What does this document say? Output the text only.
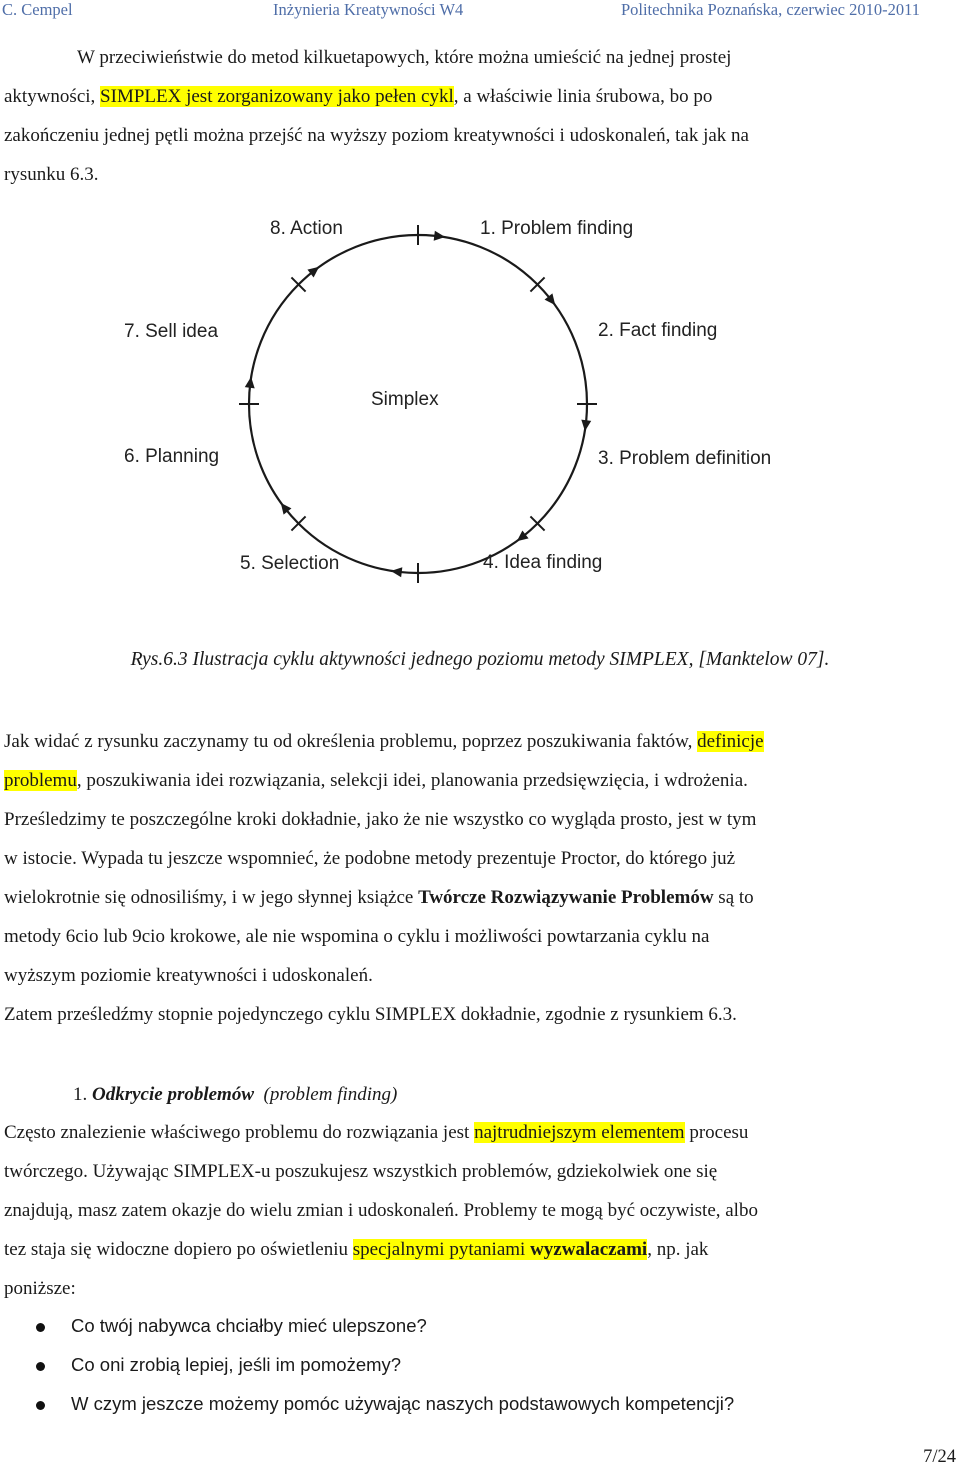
C. Cempel	Inżynieria Kreatywności W4	Politechnika Poznańska, czerwiec 2010-2011

W przeciwieństwie do metod kilkuetapowych, które można umieścić na jednej prostej
aktywności, SIMPLEX jest zorganizowany jako pełen cykl, a właściwie linia śrubowa, bo po
zakończeniu jednej pętli można przejść na wyższy poziom kreatywności i udoskonaleń, tak jak na
rysunku 6.3.

Simplex
1. Problem finding
2. Fact finding
3. Problem definition
4. Idea finding
5. Selection
6. Planning
7. Sell idea
8. Action
Rys.6.3 Ilustracja cyklu aktywności jednego poziomu metody SIMPLEX, [Manktelow 07].

Jak widać z rysunku zaczynamy tu od określenia problemu, poprzez poszukiwania faktów, definicje
problemu, poszukiwania idei rozwiązania, selekcji idei, planowania przedsięwzięcia, i wdrożenia.
Prześledzimy te poszczególne kroki dokładnie, jako że nie wszystko co wygląda prosto, jest w tym
w istocie. Wypada tu jeszcze wspomnieć, że podobne metody prezentuje Proctor, do którego już
wielokrotnie się odnosiliśmy, i w jego słynnej książce Twórcze Rozwiązywanie Problemów są to
metody 6cio lub 9cio krokowe, ale nie wspomina o cyklu i możliwości powtarzania cyklu na
wyższym poziomie kreatywności i udoskonaleń.

Zatem prześledźmy stopnie pojedynczego cyklu SIMPLEX dokładnie, zgodnie z rysunkiem 6.3.

1. Odkrycie problemów (problem finding)

Często znalezienie właściwego problemu do rozwiązania jest najtrudniejszym elementem procesu
twórczego. Używając SIMPLEX-u poszukujesz wszystkich problemów, gdziekolwiek one się
znajdują, masz zatem okazje do wielu zmian i udoskonaleń. Problemy te mogą być oczywiste, albo
tez staja się widoczne dopiero po oświetleniu specjalnymi pytaniami wyzwalaczami, np. jak
poniższe:

Co twój nabywca chciałby mieć ulepszone?
Co oni zrobią lepiej, jeśli im pomożemy?
W czym jeszcze możemy pomóc używając naszych podstawowych kompetencji?
7/24
